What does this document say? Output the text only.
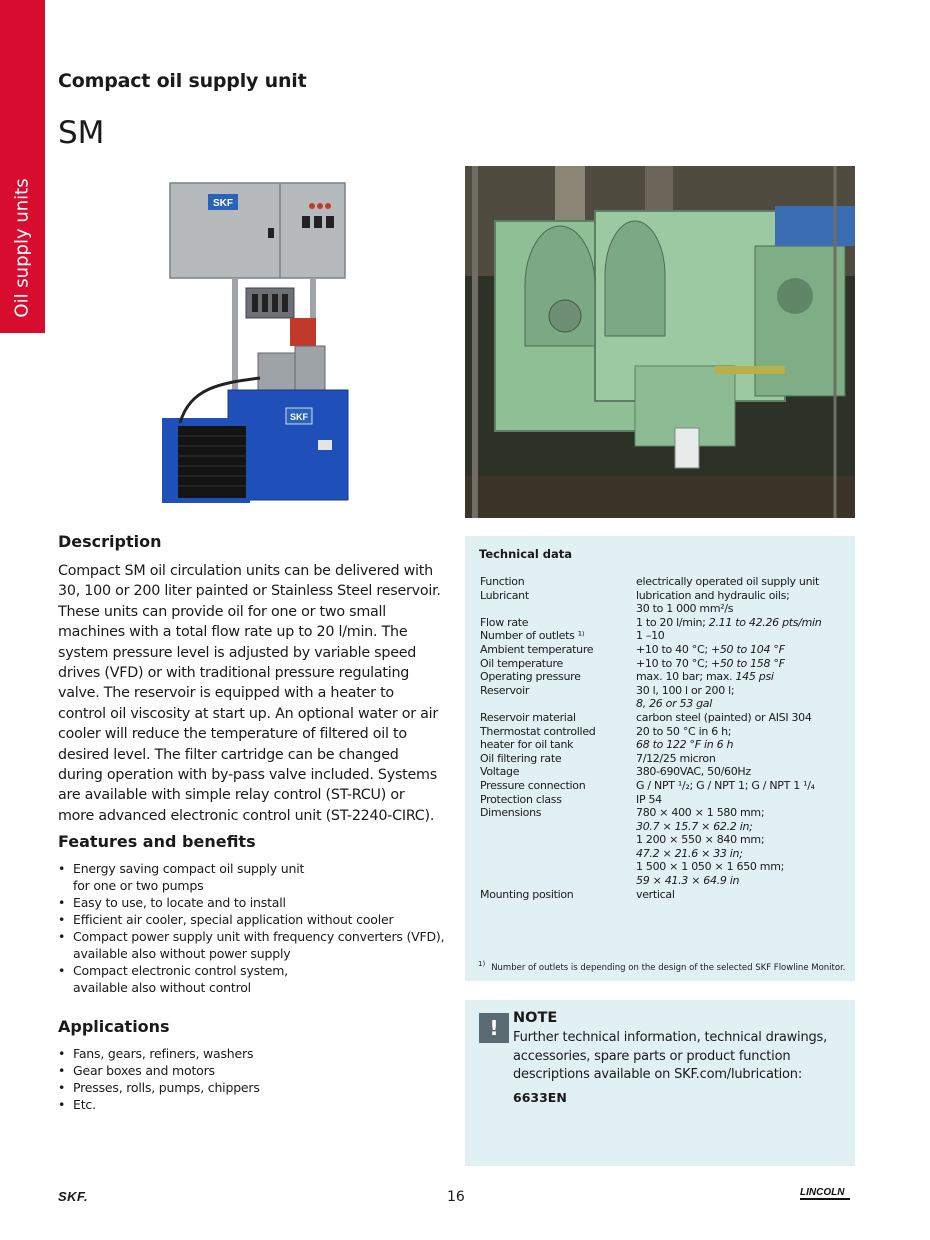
Oil supply units
Compact oil supply unit
SM
SKF
SKF
Description

Compact SM oil circulation units can be delivered with 30, 100 or 200 liter painted or Stainless Steel reservoir. These units can provide oil for one or two small machines with a total flow rate up to 20 l/min. The system pressure level is adjusted by variable speed drives (VFD) or with traditional pressure regulating valve. The reservoir is equipped with a heater to control oil viscosity at start up. An optional water or air cooler will reduce the temperature of filtered oil to desired level. The filter cartridge can be changed during operation with by-pass valve included. Systems are available with simple relay control (ST-RCU) or more advanced electronic control unit (ST-2240-CIRC).

Features and benefits
• Energy saving compact oil supply unit
for one or two pumps
• Easy to use, to locate and to install
• Efficient air cooler, special application without cooler
• Compact power supply unit with frequency converters (VFD),
available also without power supply
• Compact electronic control system,
available also without control
Applications
• Fans, gears, refiners, washers
• Gear boxes and motors
• Presses, rolls, pumps, chippers
• Etc.
Technical data
Function	electrically operated oil supply unit
Lubricant	lubrication and hydraulic oils;
30 to 1 000 mm²/s
Flow rate	1 to 20 l/min; 2.11 to 42.26 pts/min
Number of outlets ¹⁾	1 –10
Ambient temperature	+10 to 40 °C; +50 to 104 °F
Oil temperature	+10 to 70 °C; +50 to 158 °F
Operating pressure	max. 10 bar; max. 145 psi
Reservoir	30 l, 100 l or 200 l;
8, 26 or 53 gal
Reservoir material	carbon steel (painted) or AISI 304
Thermostat controlled	20 to 50 °C in 6 h;
heater for oil tank	68 to 122 °F in 6 h
Oil filtering rate	7/12/25 micron
Voltage	380-690VAC, 50/60Hz
Pressure connection	G / NPT ¹/₂; G / NPT 1; G / NPT 1 ¹/₄
Protection class	IP 54
Dimensions	780 × 400 × 1 580 mm;
30.7 × 15.7 × 62.2 in;
1 200 × 550 × 840 mm;
47.2 × 21.6 × 33 in;
1 500 × 1 050 × 1 650 mm;
59 × 41.3 × 64.9 in
Mounting position	vertical
$^{1)}$ Number of outlets is depending on the design of the selected SKF Flowline Monitor.
! NOTE
Further technical information, technical drawings, accessories, spare parts or product function descriptions available on SKF.com/lubrication:
6633EN
SKF.	16	LINCOLN
